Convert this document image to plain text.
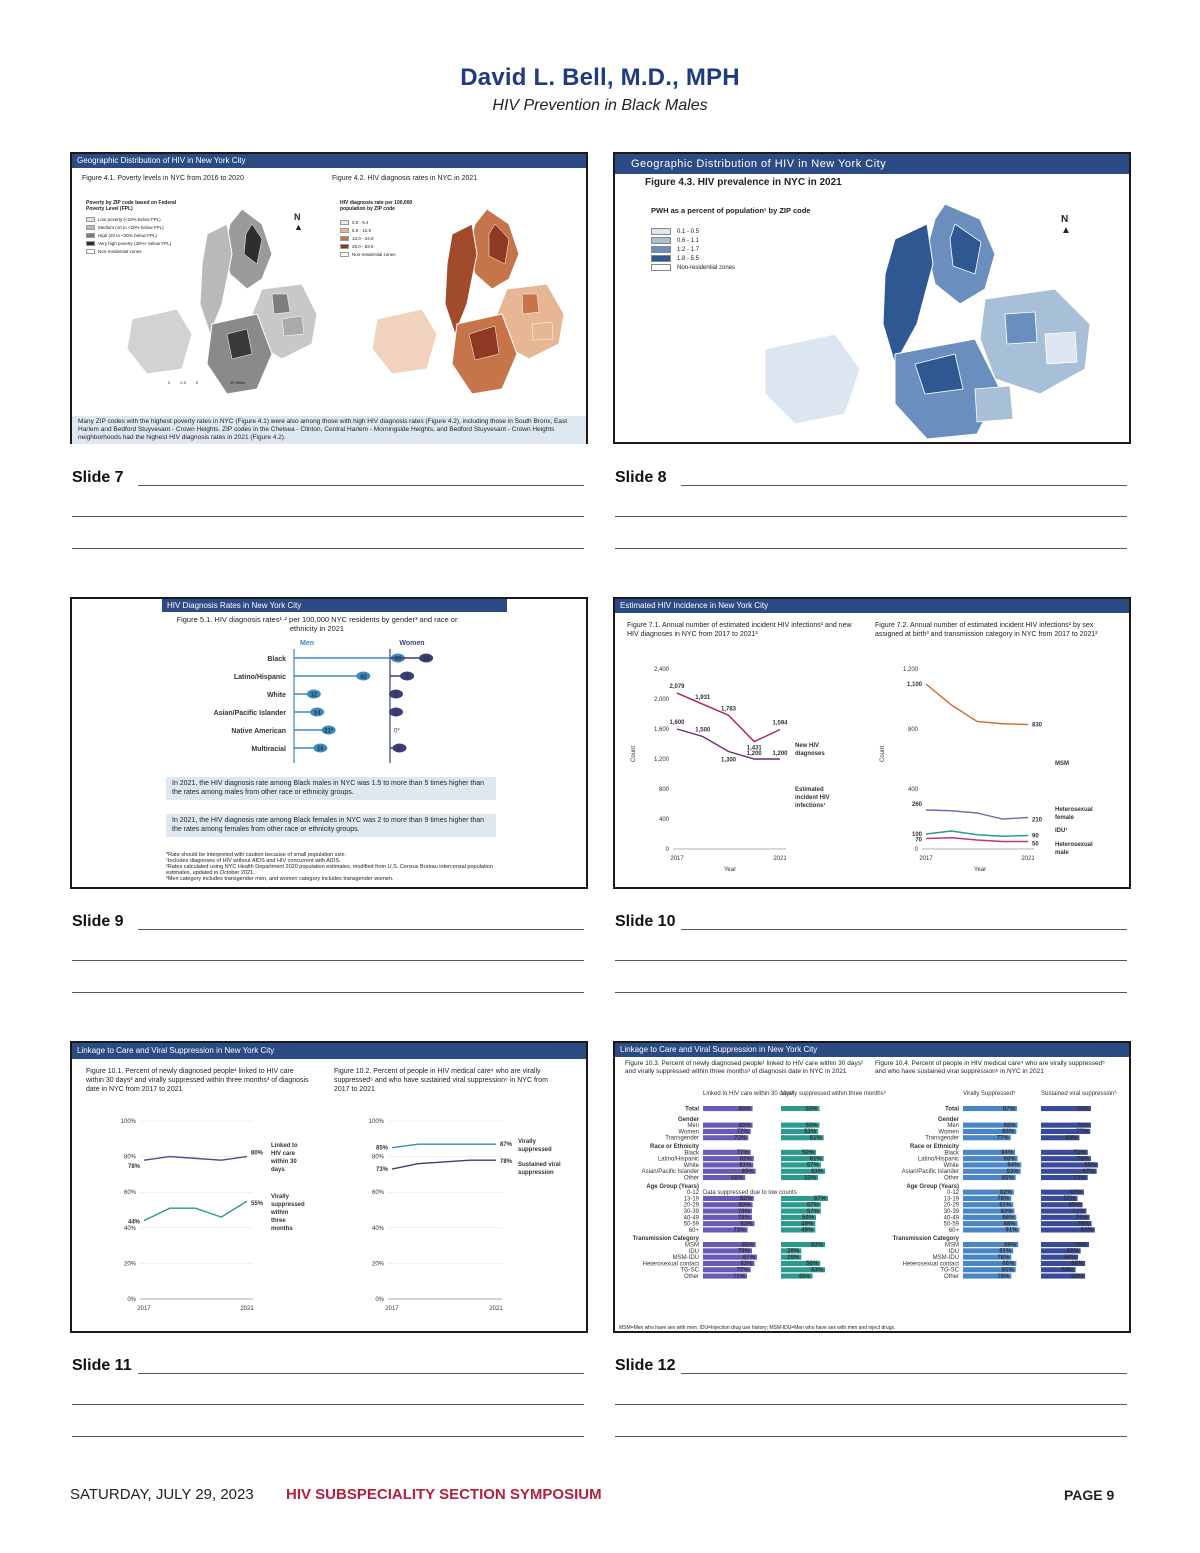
David L. Bell, M.D., MPH
HIV Prevention in Black Males
Geographic Distribution of HIV in New York City
Figure 4.1. Poverty levels in NYC from 2016 to 2020	Figure 4.2. HIV diagnosis rates in NYC in 2021
Poverty by ZIP code based on Federal Poverty Level (FPL)
Low poverty (<10% below FPL)
Medium (10 to <20% below FPL)
High (20 to <30% below FPL)
Very high poverty (30%+ below FPL)
Non-residential zones
0	2.5	5	10 Miles
N
▲
HIV diagnosis rate per 100,000 population by ZIP code
0.0 - 5.4
5.5 - 12.9
13.0 - 24.9
25.0 - 83.6
Non-residential zones
Many ZIP codes with the highest poverty rates in NYC (Figure 4.1) were also among those with high HIV diagnosis rates (Figure 4.2), including those in South Bronx, East Harlem and Bedford Stuyvesant - Crown Heights. ZIP codes in the Chelsea - Clinton, Central Harlem - Morningside Heights, and Bedford Stuyvesant - Crown Heights neighborhoods had the highest HIV diagnosis rates in 2021 (Figure 4.2).
Geographic Distribution of HIV in New York City
Figure 4.3. HIV prevalence in NYC in 2021
PWH as a percent of population¹ by ZIP code
0.1 - 0.5
0.6 - 1.1
1.2 - 1.7
1.8 - 5.5
Non-residential zones
N
▲
HIV Diagnosis Rates in New York City
Figure 5.1. HIV diagnosis rates¹·² per 100,000 NYC residents by gender³ and race or ethnicity in 2021
Men	Women
Black	63	19
Latino/Hispanic	42	9
White	12	2
Asian/Pacific Islander	14	2
Native American	21*	0*
Multiracial	16	5*
In 2021, the HIV diagnosis rate among Black males in NYC was 1.5 to more than 5 times higher than the rates among males from other race or ethnicity groups.
In 2021, the HIV diagnosis rate among Black females in NYC was 2 to more than 9 times higher than the rates among females from other race or ethnicity groups.
*Rate should be interpreted with caution because of small population size.
¹Includes diagnoses of HIV without AIDS and HIV concurrent with AIDS.
²Rates calculated using NYC Health Department 2020 population estimates, modified from U.S. Census Bureau intercensal population estimates, updated in October 2021.
³Men category includes transgender men, and women category includes transgender women.
Estimated HIV Incidence in New York City
Figure 7.1. Annual number of estimated incident HIV infections¹ and new HIV diagnoses in NYC from 2017 to 2021²
Figure 7.2. Annual number of estimated incident HIV infections¹ by sex assigned at birth³ and transmission category in NYC from 2017 to 2021²
Count
Year
0
400
800
1,200
1,600
2,000
2,400
2017	2021
2,079
1,931
1,783
1,431
1,594
New HIV
diagnoses
1,600
1,500
1,300
1,200 1,200
Estimated
incident HIV
infections¹
Count
Year
0
400
800
1,200
2017	2021
1,100
830
MSM
260
210
Heterosexual
female
100	90
IDU¹
70
50	Heterosexual
male
Linkage to Care and Viral Suppression in New York City
Figure 10.1. Percent of newly diagnosed people¹ linked to HIV care within 30 days² and virally suppressed within three months³ of diagnosis date in NYC from 2017 to 2021
Figure 10.2. Percent of people in HIV medical care⁴ who are virally suppressed⁵ and who have sustained viral suppression⁶ in NYC from 2017 to 2021
0%
20%
40%
60%
80%
100%
2017	2021
78%
80%
Linked to
HIV care
within 30
days
44%
55%
Virally
suppressed
within
three
months
0%
20%
40%
60%
80%
100%
2017	2021
85%
87%
Virally
suppressed
73%
78% Sustained viral
suppression
Linkage to Care and Viral Suppression in New York City
Figure 10.3. Percent of newly diagnosed people¹ linked to HIV care within 30 days² and virally suppressed within three months³ of diagnosis date in NYC in 2021
Figure 10.4. Percent of people in HIV medical care⁴ who are virally suppressed⁵ and who have sustained viral suppression⁶ in NYC in 2021
Linked to HIV care within 30 days²
Virally suppressed within three months³
Total	80%	55%
Gender
Men	80%	55%
Women	77%	53%
Transgender	73%	61%
Race or Ethnicity
Black	77%	50%
Latino/Hispanic	82%	61%
White	81%	57%
Asian/Pacific Islander	85%	63%
Other	68%	53%
Age Group (Years)
0-12 Data suppressed due to low counts
13-19	82%	67%
20-29	80%	57%
30-39	79%	57%
40-49	79%	50%
50-59	83%	49%
60+	72%	49%
Transmission Category
MSM	85%	63%
IDU	79%	29%
MSM-IDU	87%	29%
Heterosexual contact	83%	56%
TG-SC	77%	63%
Other	71%	45%
Virally Suppressed⁵	Sustained viral suppression⁶
Total	87%	78%
Gender
Men	88%	78%
Women	86%	77%
Transgender	77%	60%
Race or Ethnicity
Black	84%	73%
Latino/Hispanic	88%	78%
White	94%	89%
Asian/Pacific Islander	93%	87%
Other	85%	73%
Age Group (Years)
0-12	82%	67%
13-19	78%	57%
20-29	81%	65%
30-39	83%	71%
40-49	86%	76%
50-59	88%	79%
60+	91%	84%
Transmission Category
MSM	89%	75%
IDU	81%	62%
MSM-IDU	78%	58%
Heterosexual contact	86%	69%
TG-SC	85%	54%
Other	78%	69%
MSM=Men who have sex with men; IDU=Injection drug use history; MSM-IDU=Men who have sex with men and inject drugs.
Slide 7	Slide 8
Slide 9	Slide 10
Slide 11	Slide 12
SATURDAY, JULY 29, 2023 HIV SUBSPECIALITY SECTION SYMPOSIUM	PAGE 9
